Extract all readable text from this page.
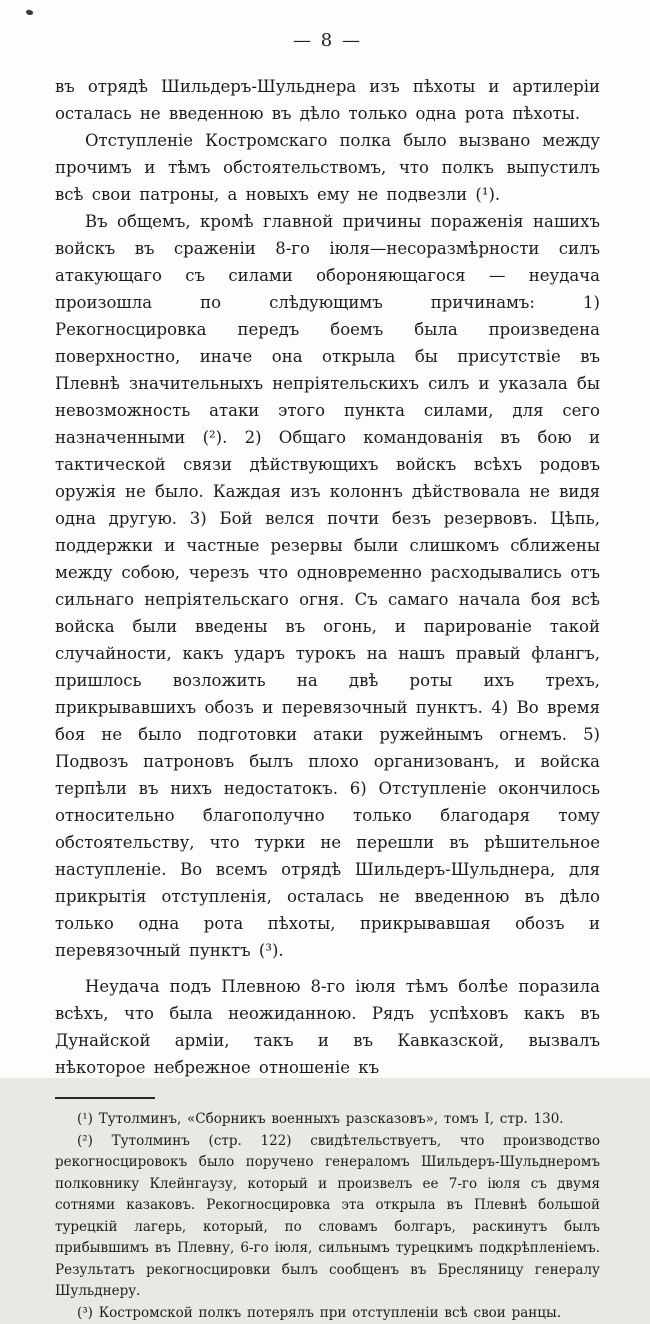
— 8 —

въ отрядѣ Шильдеръ-Шульднера изъ пѣхоты и артилеріи осталась не введенною въ дѣло только одна рота пѣхоты.

Отступленіе Костромскаго полка было вызвано между прочимъ и тѣмъ обстоятельствомъ, что полкъ выпустилъ всѣ свои патроны, а новыхъ ему не подвезли (¹).

Въ общемъ, кромѣ главной причины пораженія нашихъ войскъ въ сраженіи 8-го іюля—несоразмѣрности силъ атакующаго съ силами обороняющагося — неудача произошла по слѣдующимъ причинамъ: 1) Рекогносцировка передъ боемъ была произведена поверхностно, иначе она открыла бы присутствіе въ Плевнѣ значительныхъ непріятельскихъ силъ и указала бы невозможность атаки этого пункта силами, для сего назначенными (²). 2) Общаго командованія въ бою и тактической связи дѣйствующихъ войскъ всѣхъ родовъ оружія не было. Каждая изъ колоннъ дѣйствовала не видя одна другую. 3) Бой велся почти безъ резервовъ. Цѣпь, поддержки и частные резервы были слишкомъ сближены между собою, черезъ что одновременно расходывались отъ сильнаго непріятельскаго огня. Съ самаго начала боя всѣ войска были введены въ огонь, и парированіе такой случайности, какъ ударъ турокъ на нашъ правый флангъ, пришлось возложить на двѣ роты ихъ трехъ, прикрывавшихъ обозъ и перевязочный пунктъ. 4) Во время боя не было подготовки атаки ружейнымъ огнемъ. 5) Подвозъ патроновъ былъ плохо организованъ, и войска терпѣли въ нихъ недостатокъ. 6) Отступленіе окончилось относительно благополучно только благодаря тому обстоятельству, что турки не перешли въ рѣшительное наступленіе. Во всемъ отрядѣ Шильдеръ-Шульднера, для прикрытія отступленія, осталась не введенною въ дѣло только одна рота пѣхоты, прикрывавшая обозъ и перевязочный пунктъ (³).

Неудача подъ Плевною 8-го іюля тѣмъ болѣе поразила всѣхъ, что была неожиданною. Рядъ успѣховъ какъ въ Дунайской арміи, такъ и въ Кавказской, вызвалъ нѣкоторое небрежное отношеніе къ

(¹) Тутолминъ, «Сборникъ военныхъ разсказовъ», томъ I, стр. 130.

(²) Тутолминъ (стр. 122) свидѣтельствуетъ, что производство рекогносцировокъ было поручено генераломъ Шильдеръ-Шульднеромъ полковнику Клейнгаузу, который и произвелъ ее 7-го іюля съ двумя сотнями казаковъ. Рекогносцировка эта открыла въ Плевнѣ большой турецкій лагерь, который, по словамъ болгаръ, раскинутъ былъ прибывшимъ въ Плевну, 6-го іюля, сильнымъ турецкимъ подкрѣпленіемъ. Результатъ рекогносцировки былъ сообщенъ въ Бресляницу генералу Шульднеру.

(³) Костромской полкъ потерялъ при отступленіи всѣ свои ранцы.
